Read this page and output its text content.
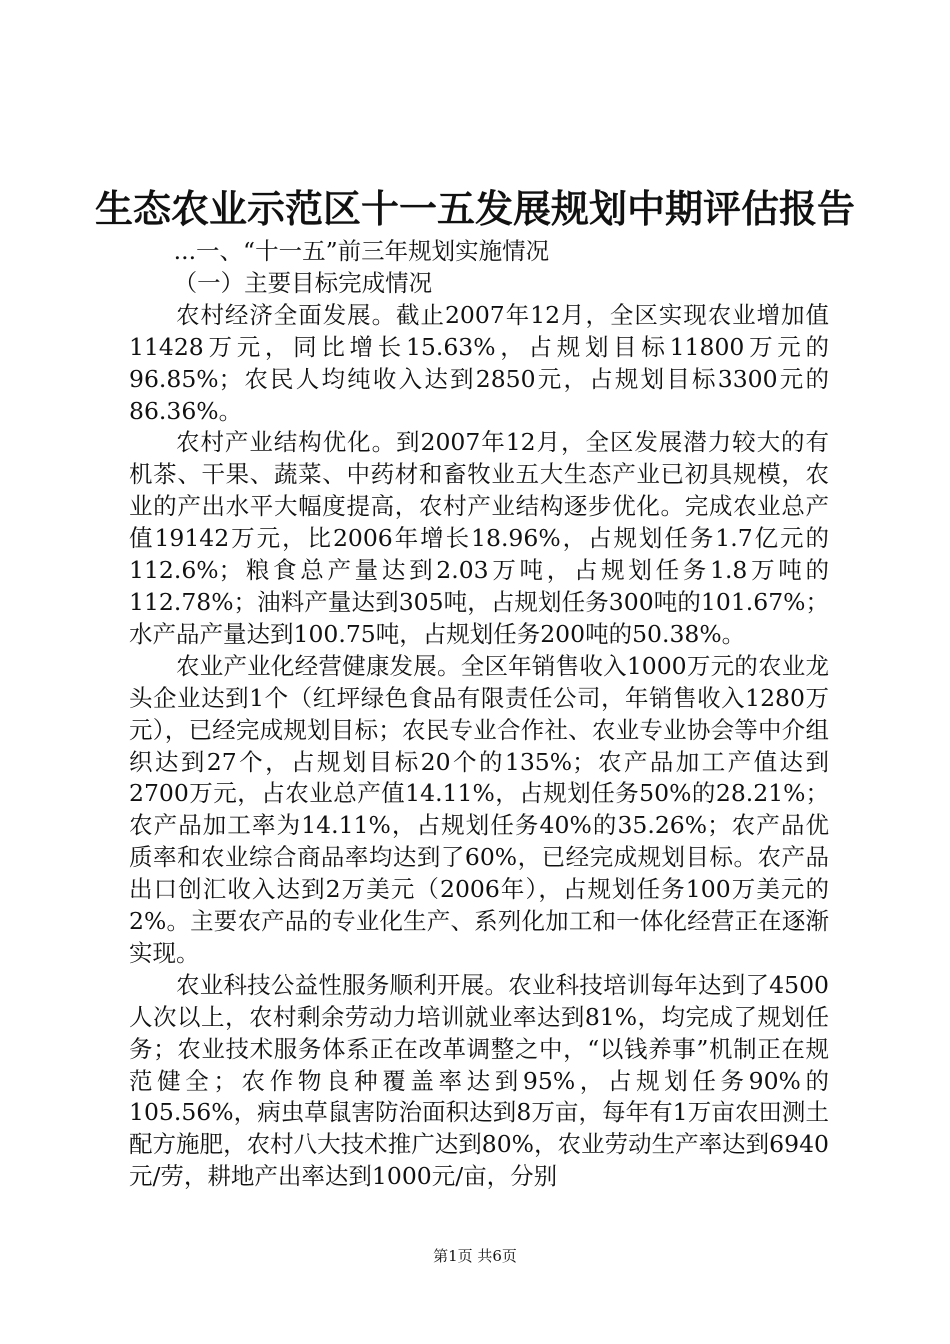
生态农业示范区十一五发展规划中期评估报告

...一、“十一五”前三年规划实施情况

（一）主要目标完成情况

农村经济全面发展。截止2007年12月，全区实现农业增加值11428万元，同比增长15.63%，占规划目标11800万元的96.85%；农民人均纯收入达到2850元，占规划目标3300元的86.36%。

农村产业结构优化。到2007年12月，全区发展潜力较大的有机茶、干果、蔬菜、中药材和畜牧业五大生态产业已初具规模，农业的产出水平大幅度提高，农村产业结构逐步优化。完成农业总产值19142万元，比2006年增长18.96%，占规划任务1.7亿元的112.6%；粮食总产量达到2.03万吨，占规划任务1.8万吨的112.78%；油料产量达到305吨，占规划任务300吨的101.67%；水产品产量达到100.75吨，占规划任务200吨的50.38%。

农业产业化经营健康发展。全区年销售收入1000万元的农业龙头企业达到1个（红坪绿色食品有限责任公司，年销售收入1280万元），已经完成规划目标；农民专业合作社、农业专业协会等中介组织达到27个，占规划目标20个的135%；农产品加工产值达到2700万元，占农业总产值14.11%，占规划任务50%的28.21%；农产品加工率为14.11%，占规划任务40%的35.26%；农产品优质率和农业综合商品率均达到了60%，已经完成规划目标。农产品出口创汇收入达到2万美元（2006年），占规划任务100万美元的2%。主要农产品的专业化生产、系列化加工和一体化经营正在逐渐实现。

农业科技公益性服务顺利开展。农业科技培训每年达到了4500人次以上，农村剩余劳动力培训就业率达到81%，均完成了规划任务；农业技术服务体系正在改革调整之中，“以钱养事”机制正在规范健全；农作物良种覆盖率达到95%，占规划任务90%的105.56%，病虫草鼠害防治面积达到8万亩，每年有1万亩农田测土配方施肥，农村八大技术推广达到80%，农业劳动生产率达到6940元/劳，耕地产出率达到1000元/亩，分别

第1页 共6页
